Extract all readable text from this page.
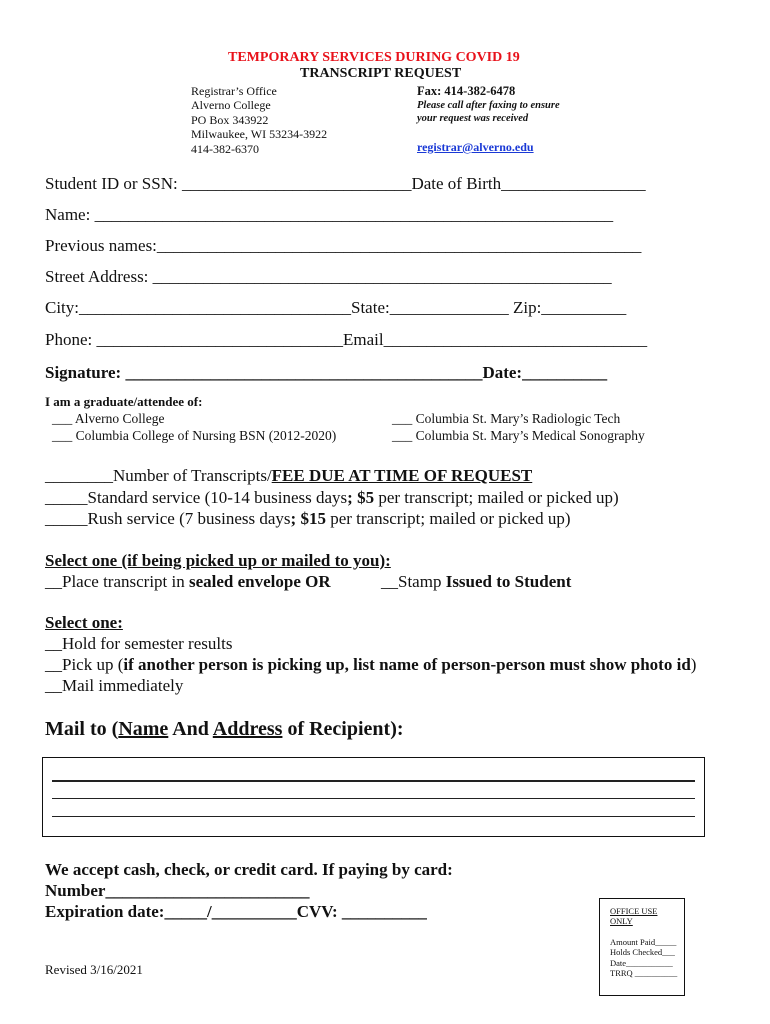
TEMPORARY SERVICES DURING COVID 19
TRANSCRIPT REQUEST
Registrar’s Office
Alverno College
PO Box 343922
Milwaukee, WI 53234-3922
414-382-6370
Fax: 414-382-6478
Please call after faxing to ensure
your request was received
registrar@alverno.edu
Student ID or SSN: ___________________________Date of Birth_________________
Name: _____________________________________________________________
Previous names:_________________________________________________________
Street Address: ______________________________________________________
City:________________________________State:______________ Zip:__________
Phone: _____________________________Email_______________________________
Signature: __________________________________________Date:__________
I am a graduate/attendee of:
___ Alverno College
___ Columbia College of Nursing BSN (2012-2020)
___ Columbia St. Mary’s Radiologic Tech
___ Columbia St. Mary’s Medical Sonography
________Number of Transcripts/FEE DUE AT TIME OF REQUEST
_____Standard service (10-14 business days; $5 per transcript; mailed or picked up)
_____Rush service (7 business days; $15 per transcript; mailed or picked up)
Select one (if being picked up or mailed to you):
__Place transcript in sealed envelope OR	__Stamp Issued to Student
Select one:
__Hold for semester results
__Pick up (if another person is picking up, list name of person-person must show photo id)
__Mail immediately
Mail to (Name And Address of Recipient):
We accept cash, check, or credit card. If paying by card:
Number________________________
Expiration date:_____/__________CVV: __________
Revised 3/16/2021
OFFICE USE
ONLY
Amount Paid_____
Holds Checked___
Date___________
TRRQ __________
